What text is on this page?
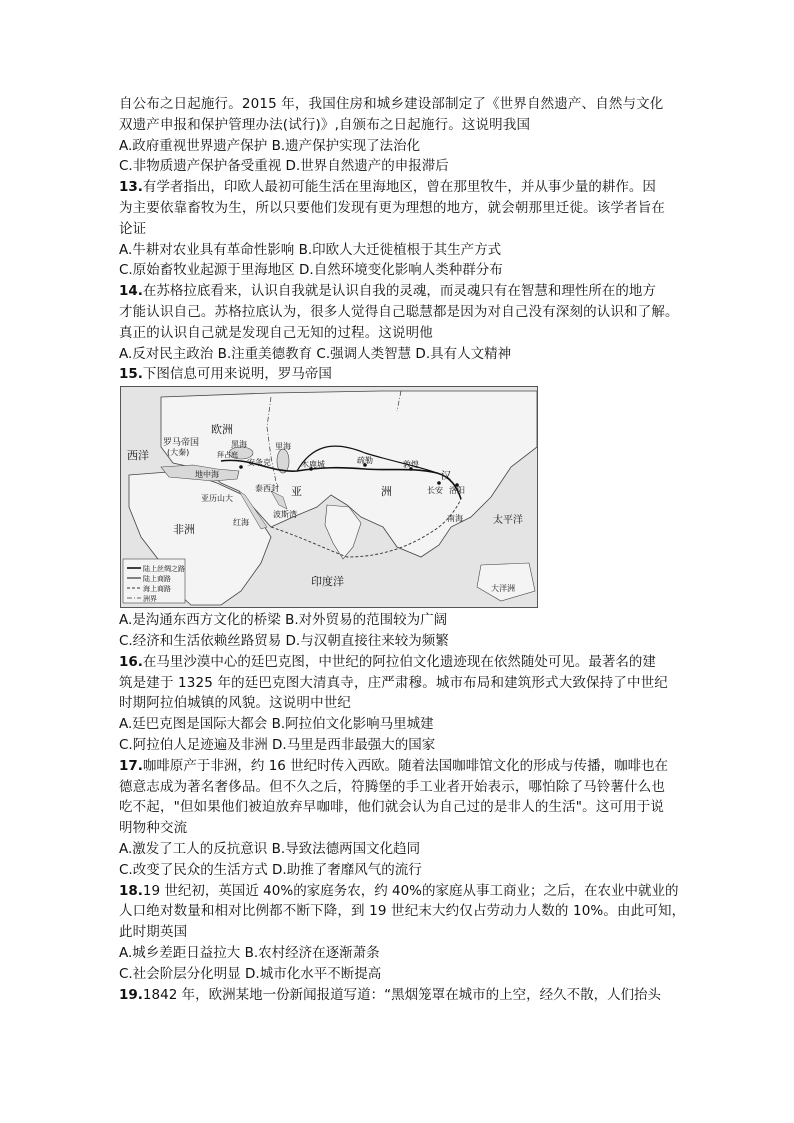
自公布之日起施行。2015 年，我国住房和城乡建设部制定了《世界自然遗产、自然与文化
双遗产申报和保护管理办法(试行)》,自颁布之日起施行。这说明我国
A.政府重视世界遗产保护 B.遗产保护实现了法治化
C.非物质遗产保护备受重视 D.世界自然遗产的申报滞后
13.有学者指出，印欧人最初可能生活在里海地区，曾在那里牧牛，并从事少量的耕作。因
为主要依靠畜牧为生，所以只要他们发现有更为理想的地方，就会朝那里迁徙。该学者旨在
论证
A.牛耕对农业具有革命性影响 B.印欧人大迁徙植根于其生产方式
C.原始畜牧业起源于里海地区 D.自然环境变化影响人类种群分布
14.在苏格拉底看来，认识自我就是认识自我的灵魂，而灵魂只有在智慧和理性所在的地方
才能认识自己。苏格拉底认为，很多人觉得自己聪慧都是因为对自己没有深刻的认识和了解。
真正的认识自己就是发现自己无知的过程。这说明他
A.反对民主政治 B.注重美德教育 C.强调人类智慧 D.具有人文精神
15.下图信息可用来说明，罗马帝国
欧洲
罗马帝国
(大秦)
西洋
非洲
亚	洲
太平洋
印度洋
大洋洲
汉
安条克	木鹿城	疏勒	敦煌
长安 洛阳
南海
亚历山大
泰西封
波斯湾
红海
黑海
地中海
里海
拜占庭
陆上丝绸之路
陆上商路
海上商路
洲界
A.是沟通东西方文化的桥梁 B.对外贸易的范围较为广阔
C.经济和生活依赖丝路贸易 D.与汉朝直接往来较为频繁
16.在马里沙漠中心的廷巴克图，中世纪的阿拉伯文化遗迹现在依然随处可见。最著名的建
筑是建于 1325 年的廷巴克图大清真寺，庄严肃穆。城市布局和建筑形式大致保持了中世纪
时期阿拉伯城镇的风貌。这说明中世纪
A.廷巴克图是国际大都会 B.阿拉伯文化影响马里城建
C.阿拉伯人足迹遍及非洲 D.马里是西非最强大的国家
17.咖啡原产于非洲，约 16 世纪时传入西欧。随着法国咖啡馆文化的形成与传播，咖啡也在
德意志成为著名奢侈品。但不久之后，符腾堡的手工业者开始表示，哪怕除了马铃薯什么也
吃不起，"但如果他们被迫放弃早咖啡，他们就会认为自己过的是非人的生活"。这可用于说
明物种交流
A.激发了工人的反抗意识 B.导致法德两国文化趋同
C.改变了民众的生活方式 D.助推了奢靡风气的流行
18.19 世纪初，英国近 40%的家庭务农，约 40%的家庭从事工商业；之后，在农业中就业的
人口绝对数量和相对比例都不断下降，到 19 世纪末大约仅占劳动力人数的 10%。由此可知，
此时期英国
A.城乡差距日益拉大 B.农村经济在逐渐萧条
C.社会阶层分化明显 D.城市化水平不断提高
19.1842 年，欧洲某地一份新闻报道写道：“黑烟笼罩在城市的上空，经久不散，人们抬头
